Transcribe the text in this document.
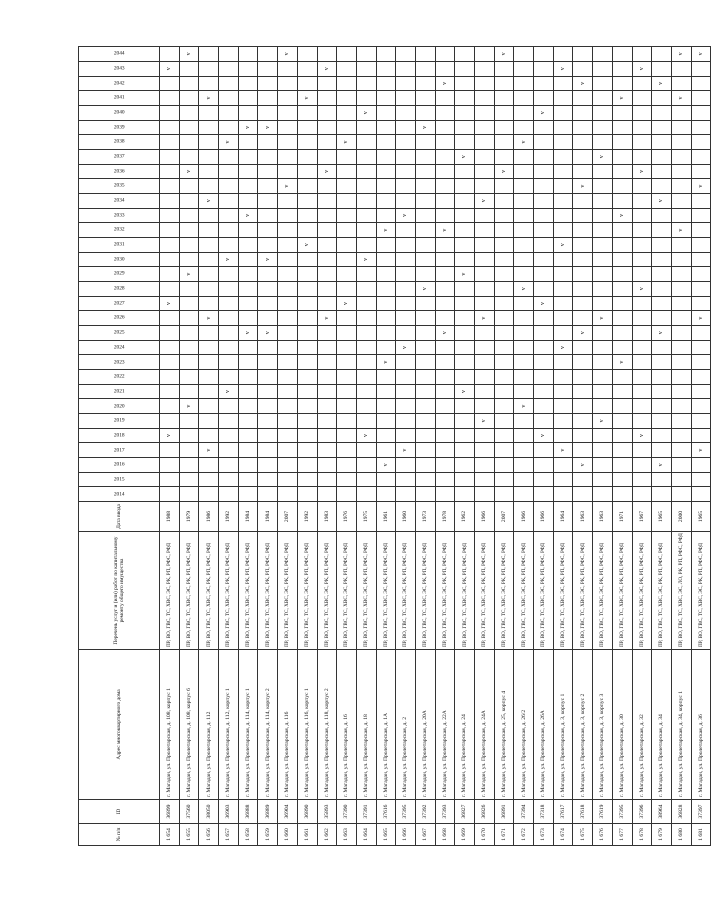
№ п/п	ID	Адрес многоквартирного дома	Перечень услуг и (или) работ по капитальному ремонту общего имущества	Дата ввода	2014	2015	2016	2017	2018	2019	2020	2021	2022	2023	2024	2025	2026	2027	2028	2029	2030	2031	2032	2033	2034	2035	2036	2037	2038	2039	2040	2041	2042	2043	2044
1 654	36899	г. Магадан, ул. Пролетарская, д. 108, корпус 1	ПР, ВО, ГВС, ТС, ХВС, ЭС, РК, РП, РФС, РФД	1988					v									v																v	
1 655	37560	г. Магадан, ул. Пролетарская, д. 108, корпус 6	ПР, ВО, ГВС, ТС, ХВС, ЭС, РК, РП, РФС, РФД	1979							v									v							v								v
1 656	38050	г. Магадан, ул. Пролетарская, д. 112	ПР, ВО, ГВС, ТС, ХВС, ЭС, РК, РП, РФС, РФД	1986				v									v								v							v			
1 657	36903	г. Магадан, ул. Пролетарская, д. 112, корпус 1	ПР, ВО, ГВС, ТС, ХВС, ЭС, РК, РП, РФС, РФД	1992								v									v								v						
1 658	36888	г. Магадан, ул. Пролетарская, д. 114, корпус 1	ПР, ВО, ГВС, ТС, ХВС, ЭС, РК, РП, РФС, РФД	1984												v								v						v					
1 659	36889	г. Магадан, ул. Пролетарская, д. 114, корпус 2	ПР, ВО, ГВС, ТС, ХВС, ЭС, РК, РП, РФС, РФД	1984												v					v									v					
1 660	36904	г. Магадан, ул. Пролетарская, д. 116	ПР, ВО, ГВС, ТС, ХВС, ЭС, РК, РП, РФС, РФД	2007																						v									v
1 661	36890	г. Магадан, ул. Пролетарская, д. 116, корпус 1	ПР, ВО, ГВС, ТС, ХВС, ЭС, РК, РП, РФС, РФД	1992																		v										v			
1 662	35893	г. Магадан, ул. Пролетарская, д. 118, корпус 2	ПР, ВО, ГВС, ТС, ХВС, ЭС, РК, РП, РФС, РФД	1983													v										v							v	
1 663	37390	г. Магадан, ул. Пролетарская, д. 16	ПР, ВО, ГВС, ТС, ХВС, ЭС, РК, РП, РФС, РФД	1976														v											v						
1 664	37391	г. Магадан, ул. Пролетарская, д. 18	ПР, ВО, ГВС, ТС, ХВС, ЭС, РК, РП, РФС, РФД	1975					v												v										v				
1 665	37616	г. Магадан, ул. Пролетарская, д. 1А	ПР, ВО, ГВС, ТС, ХВС, ЭС, РК, РП, РФС, РФД	1961			v							v									v												
1 666	37395	г. Магадан, ул. Пролетарская, д. 2	ПР, ВО, ГВС, ТС, ХВС, ЭС, РК, РП, РФС, РФД	1960				v							v									v											
1 667	37392	г. Магадан, ул. Пролетарская, д. 20А	ПР, ВО, ГВС, ТС, ХВС, ЭС, РК, РП, РФС, РФД	1973															v											v					
1 668	37393	г. Магадан, ул. Пролетарская, д. 22А	ПР, ВО, ГВС, ТС, ХВС, ЭС, РК, РП, РФС, РФД	1978												v							v										v		
1 669	36827	г. Магадан, ул. Пролетарская, д. 24	ПР, ВО, ГВС, ТС, ХВС, ЭС, РК, РП, РФС, РФД	1962								v								v								v							
1 670	36826	г. Магадан, ул. Пролетарская, д. 24А	ПР, ВО, ГВС, ТС, ХВС, ЭС, РК, РП, РФС, РФД	1966						v							v								v										
1 671	36891	г. Магадан, ул. Пролетарская, д. 25, корпус 4	ПР, ВО, ГВС, ТС, ХВС, ЭС, РК, РП, РФС, РФД	2007																							v								v
1 672	37394	г. Магадан, ул. Пролетарская, д. 26/2	ПР, ВО, ГВС, ТС, ХВС, ЭС, РК, РП, РФС, РФД	1966							v								v										v						
1 673	37318	г. Магадан, ул. Пролетарская, д. 26А	ПР, ВО, ГВС, ТС, ХВС, ЭС, РК, РП, РФС, РФД	1966					v									v													v				
1 674	37617	г. Магадан, ул. Пролетарская, д. 3, корпус 1	ПР, ВО, ГВС, ТС, ХВС, ЭС, РК, РП, РФС, РФД	1964				v							v							v												v	
1 675	37618	г. Магадан, ул. Пролетарская, д. 3, корпус 2	ПР, ВО, ГВС, ТС, ХВС, ЭС, РК, РП, РФС, РФД	1963			v									v										v							v		
1 676	37619	г. Магадан, ул. Пролетарская, д. 3, корпус 3	ПР, ВО, ГВС, ТС, ХВС, ЭС, РК, РП, РФС, РФД	1963						v							v											v							
1 677	37395	г. Магадан, ул. Пролетарская, д. 30	ПР, ВО, ГВС, ТС, ХВС, ЭС, РК, РП, РФС, РФД	1971										v										v								v			
1 678	37396	г. Магадан, ул. Пролетарская, д. 32	ПР, ВО, ГВС, ТС, ХВС, ЭС, РК, РП, РФС, РФД	1967					v										v								v							v	
1 679	38964	г. Магадан, ул. Пролетарская, д. 34	ПР, ВО, ГВС, ТС, ХВС, ЭС, РК, РП, РФС, РФД	1965			v									v									v								v		
1 680	36828	г. Магадан, ул. Пролетарская, д. 34, корпус 1	ПР, ВО, ГВС, ТС, ХВС, ЭС, ЛО, РК, РП, РФС, РФД	2000																			v									v			v
1 681	37397	г. Магадан, ул. Пролетарская, д. 36	ПР, ВО, ГВС, ТС, ХВС, ЭС, РК, РП, РФС, РФД	1965				v									v									v									v
